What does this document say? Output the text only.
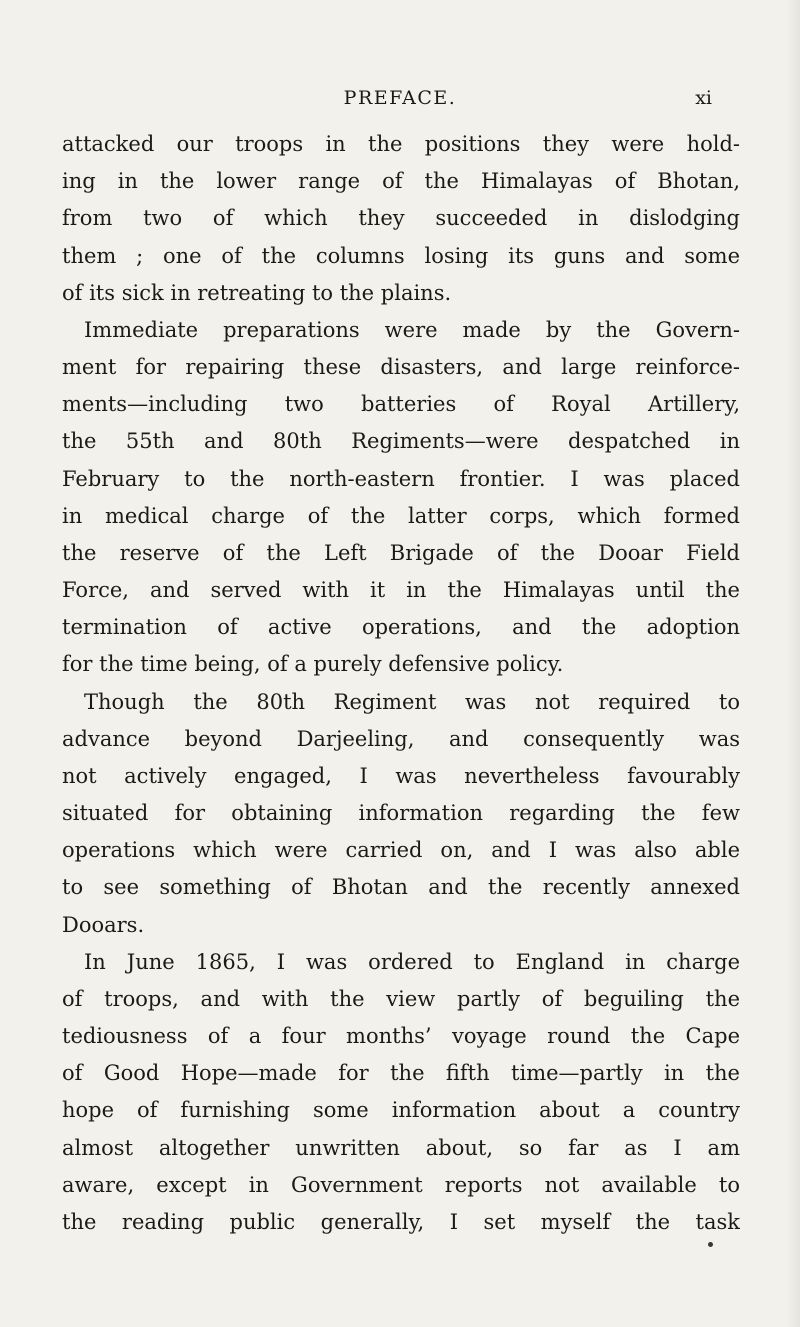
PREFACE.	xi
attacked our troops in the positions they were hold-
ing in the lower range of the Himalayas of Bhotan,
from two of which they succeeded in dislodging
them ; one of the columns losing its guns and some
of its sick in retreating to the plains.
Immediate preparations were made by the Govern-
ment for repairing these disasters, and large reinforce-
ments—including two batteries of Royal Artillery,
the 55th and 80th Regiments—were despatched in
February to the north-eastern frontier. I was placed
in medical charge of the latter corps, which formed
the reserve of the Left Brigade of the Dooar Field
Force, and served with it in the Himalayas until the
termination of active operations, and the adoption
for the time being, of a purely defensive policy.
Though the 80th Regiment was not required to
advance beyond Darjeeling, and consequently was
not actively engaged, I was nevertheless favourably
situated for obtaining information regarding the few
operations which were carried on, and I was also able
to see something of Bhotan and the recently annexed
Dooars.
In June 1865, I was ordered to England in charge
of troops, and with the view partly of beguiling the
tediousness of a four months’ voyage round the Cape
of Good Hope—made for the fifth time—partly in the
hope of furnishing some information about a country
almost altogether unwritten about, so far as I am
aware, except in Government reports not available to
the reading public generally, I set myself the task
